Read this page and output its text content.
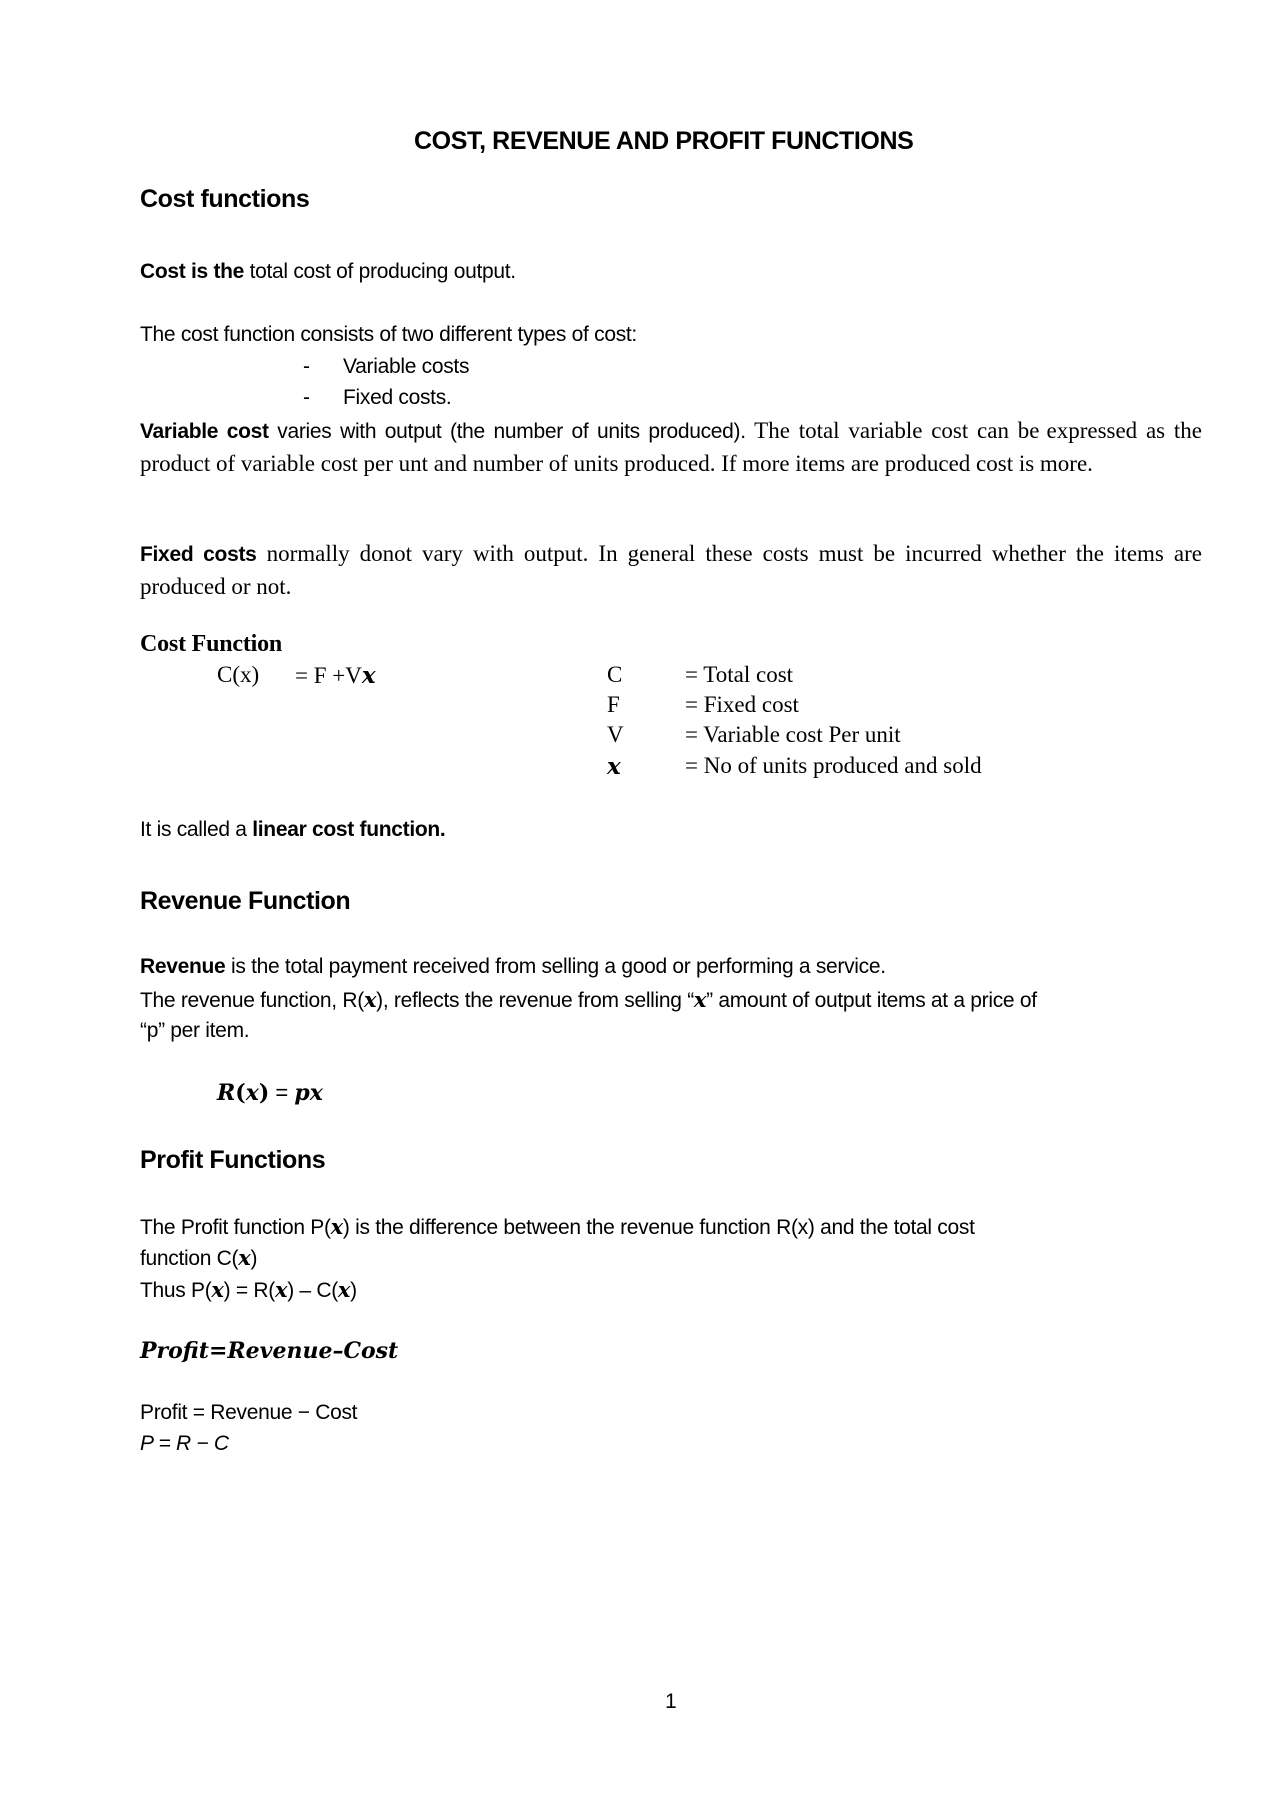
COST, REVENUE AND PROFIT FUNCTIONS
Cost functions
Cost is the total cost of producing output.
The cost function consists of two different types of cost:
- Variable costs
- Fixed costs.
Variable cost varies with output (the number of units produced). The total variable cost can be expressed as the product of variable cost per unt and number of units produced. If more items are produced cost is more.
Fixed costs normally donot vary with output. In general these costs must be incurred whether the items are produced or not.
Cost Function
C(x) = F +Vx	C	= Total cost
F	= Fixed cost
V	= Variable cost Per unit
x	= No of units produced and sold
It is called a linear cost function.
Revenue Function
Revenue is the total payment received from selling a good or performing a service.
The revenue function, R(x), reflects the revenue from selling “x” amount of output items at a price of
“p” per item.
R(x) = px
Profit Functions
The Profit function P(x) is the difference between the revenue function R(x) and the total cost
function C(x)
Thus P(x) = R(x) – C(x)
Profit=Revenue–Cost
Profit = Revenue − Cost
P = R − C
1
